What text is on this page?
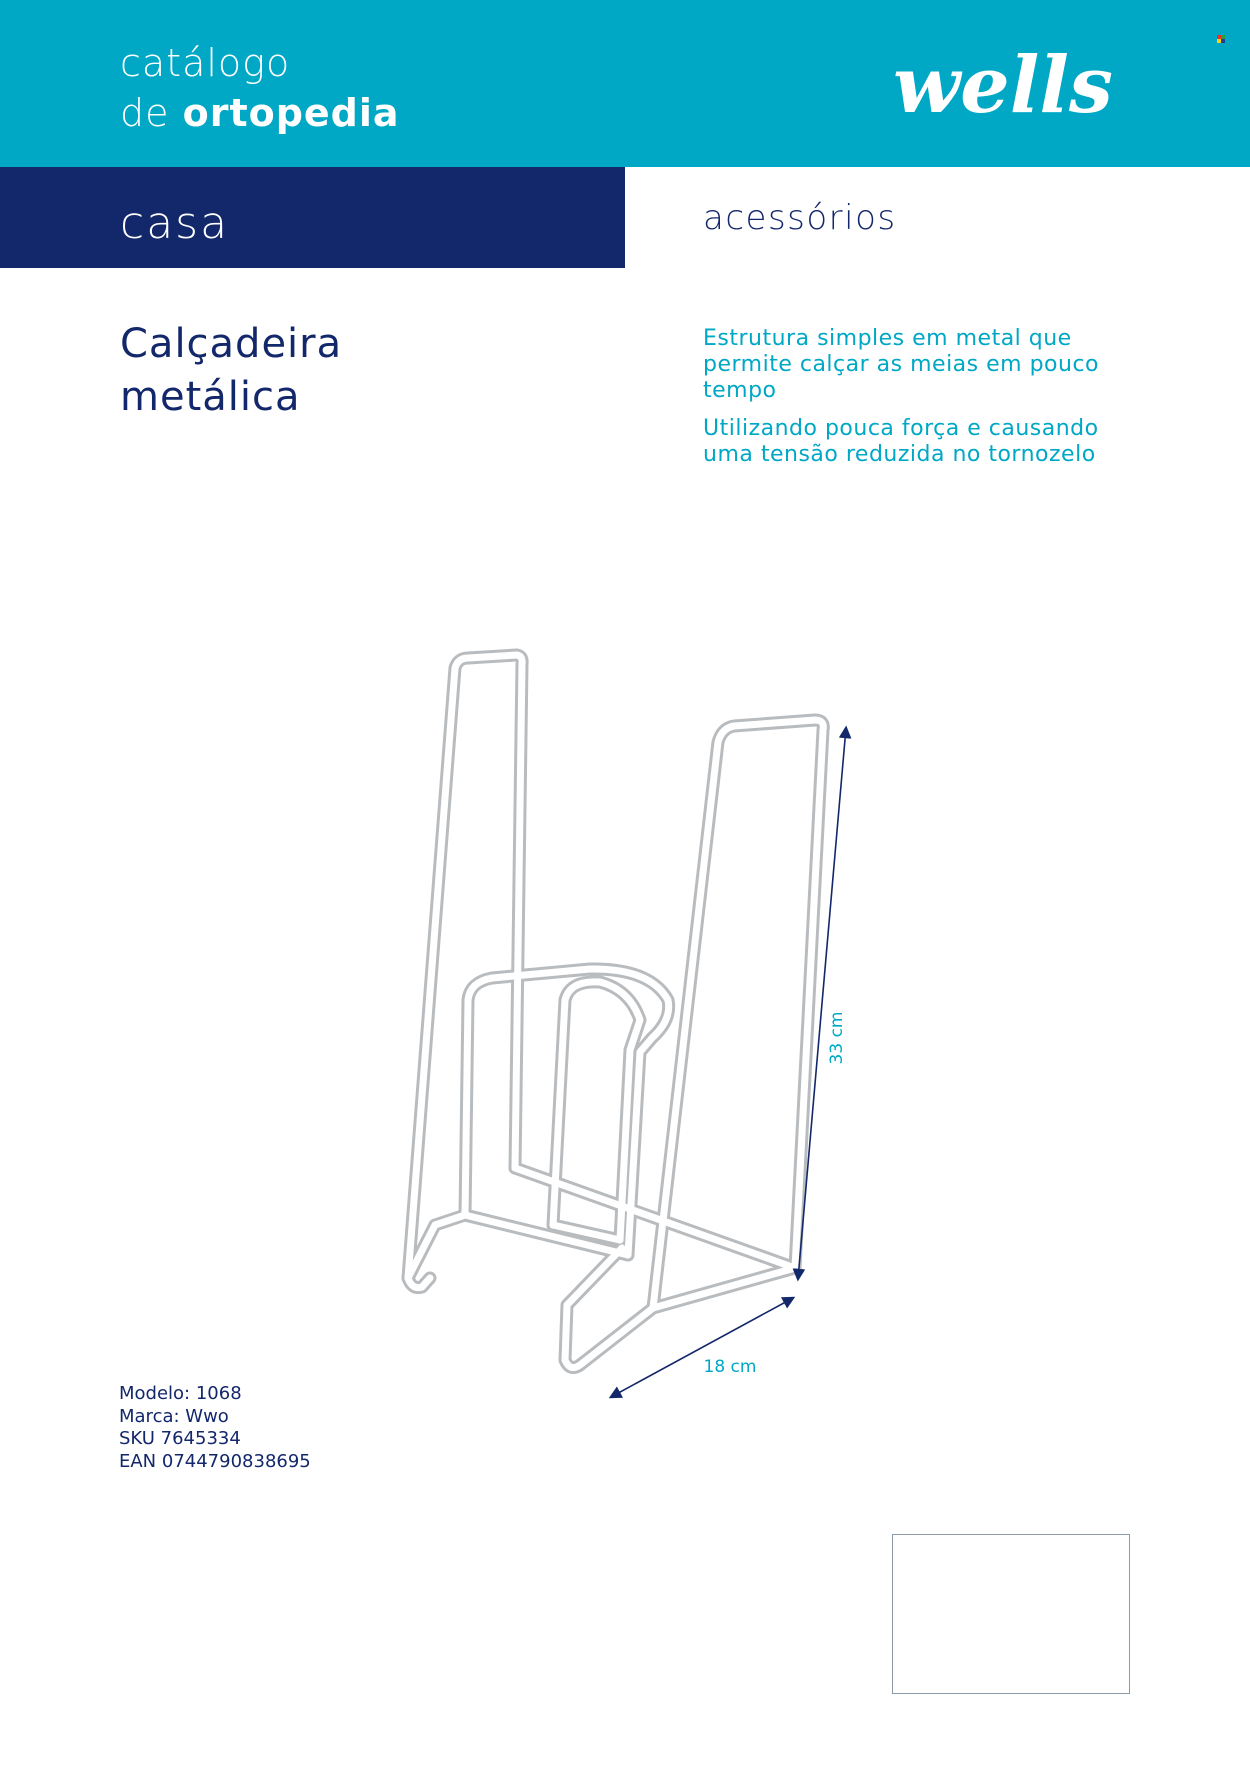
catálogo
de ortopedia	wells
casa	acessórios
Calçadeira
metálica
Estrutura simples em metal que permite calçar as meias em pouco tempo
Utilizando pouca força e causando uma tensão reduzida no tornozelo
33 cm
18 cm
Modelo: 1068
Marca: Wwo
SKU 7645334
EAN 0744790838695
